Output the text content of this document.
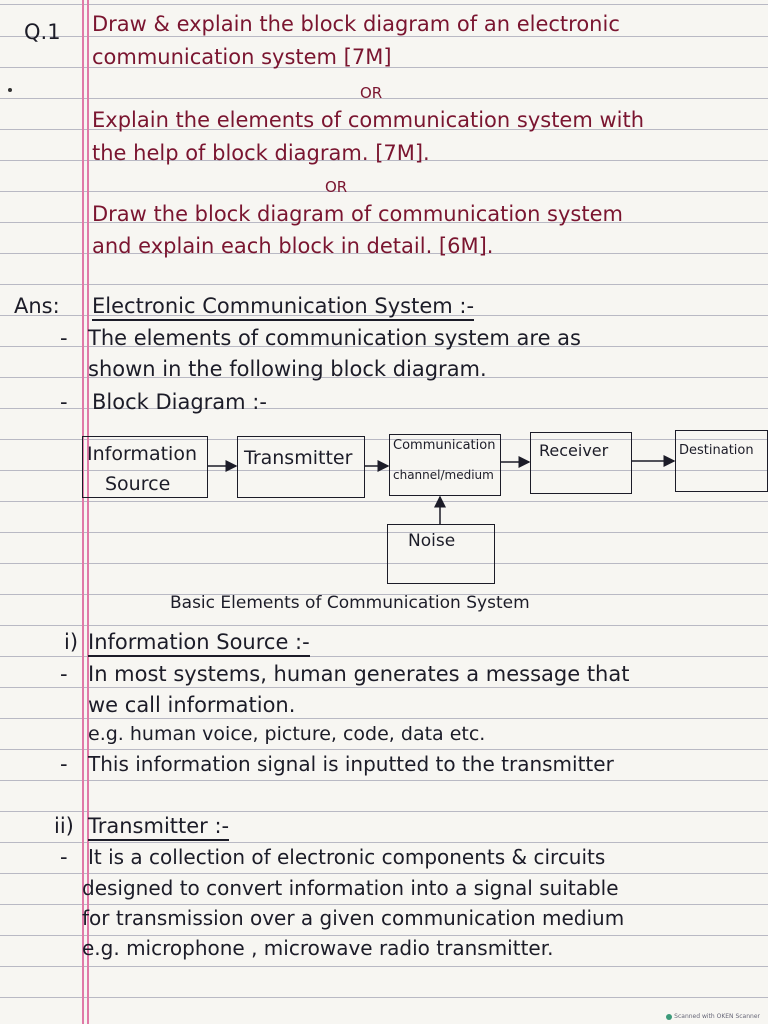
Q.1 Draw & explain the block diagram of an electronic
communication system [7M]
OR
Explain the elements of communication system with
the help of block diagram. [7M].
OR
Draw the block diagram of communication system
and explain each block in detail. [6M].
Ans: Electronic Communication System :-
- The elements of communication system are as
shown in the following block diagram.
- Block Diagram :-
Information
Source
Transmitter
Communication
channel/medium
Receiver	Destination
Noise
Basic Elements of Communication System
i) Information Source :-
- In most systems, human generates a message that
we call information.
e.g. human voice, picture, code, data etc.
- This information signal is inputted to the transmitter
ii) Transmitter :-
- It is a collection of electronic components & circuits
designed to convert information into a signal suitable
for transmission over a given communication medium
e.g. microphone , microwave radio transmitter.
Scanned with OKEN Scanner
